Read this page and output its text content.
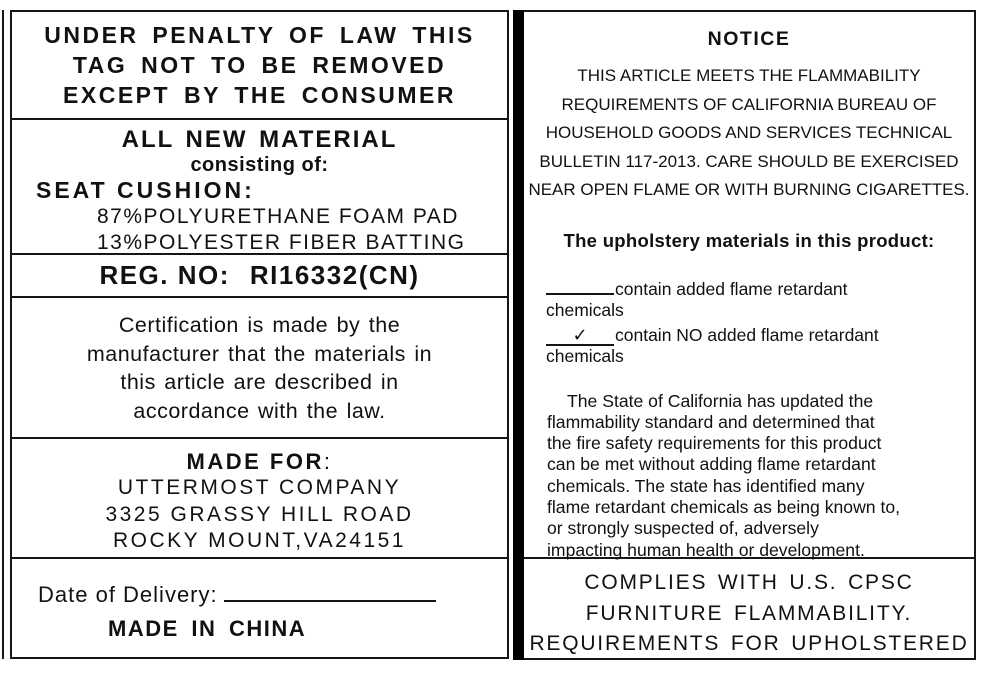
UNDER PENALTY OF LAW THIS
TAG NOT TO BE REMOVED
EXCEPT BY THE CONSUMER
ALL NEW MATERIAL
consisting of:
SEAT CUSHION:
87%POLYURETHANE FOAM PAD
13%POLYESTER FIBER BATTING
REG. NO: RI16332(CN)
Certification is made by the
manufacturer that the materials in
this article are described in
accordance with the law.
MADE FOR:
UTTERMOST COMPANY
3325 GRASSY HILL ROAD
ROCKY MOUNT,VA24151
Date of Delivery:
MADE IN CHINA
NOTICE
THIS ARTICLE MEETS THE FLAMMABILITY
REQUIREMENTS OF CALIFORNIA BUREAU OF
HOUSEHOLD GOODS AND SERVICES TECHNICAL
BULLETIN 117-2013. CARE SHOULD BE EXERCISED
NEAR OPEN FLAME OR WITH BURNING CIGARETTES.
The upholstery materials in this product:
contain added flame retardant
chemicals
✓ contain NO added flame retardant
chemicals
The State of California has updated the
flammability standard and determined that
the fire safety requirements for this product
can be met without adding flame retardant
chemicals. The state has identified many
flame retardant chemicals as being known to,
or strongly suspected of, adversely
impacting human health or development.
COMPLIES WITH U.S. CPSC
FURNITURE FLAMMABILITY.
REQUIREMENTS FOR UPHOLSTERED
